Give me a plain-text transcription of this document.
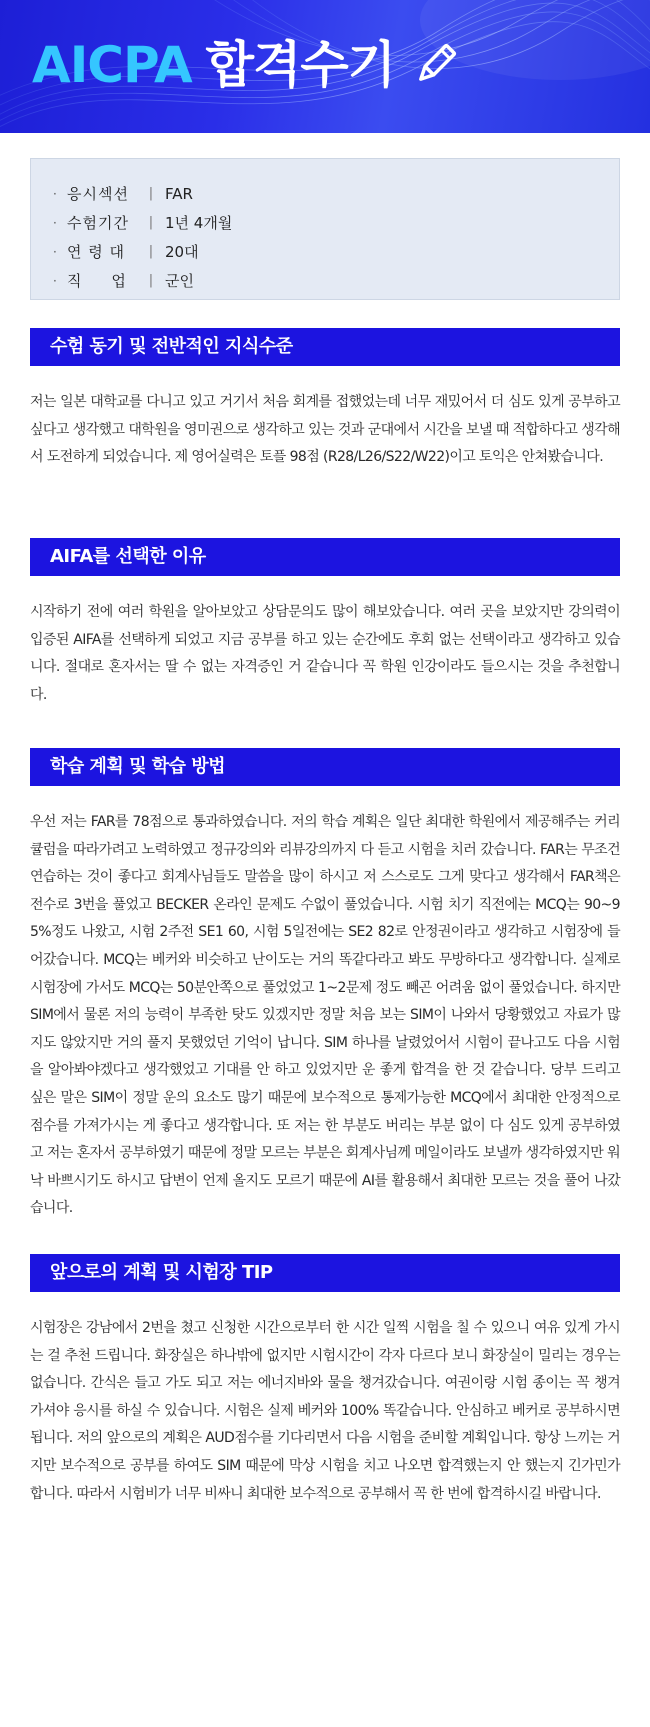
AICPA 합격수기
· 응시섹션	| FAR
· 수험기간	| 1년 4개월
· 연 령 대	| 20대
· 직     업	| 군인
수험 동기 및 전반적인 지식수준
저는 일본 대학교를 다니고 있고 거기서 처음 회계를 접했었는데 너무 재밌어서 더 심도 있게 공부하고 싶다고 생각했고 대학원을 영미권으로 생각하고 있는 것과 군대에서 시간을 보낼 때 적합하다고 생각해서 도전하게 되었습니다. 제 영어실력은 토플 98점 (R28/L26/S22/W22)이고 토익은 안쳐봤습니다.
AIFA를 선택한 이유
시작하기 전에 여러 학원을 알아보았고 상담문의도 많이 해보았습니다. 여러 곳을 보았지만 강의력이 입증된 AIFA를 선택하게 되었고 지금 공부를 하고 있는 순간에도 후회 없는 선택이라고 생각하고 있습니다. 절대로 혼자서는 딸 수 없는 자격증인 거 같습니다 꼭 학원 인강이라도 들으시는 것을 추천합니다.
학습 계획 및 학습 방법
우선 저는 FAR를 78점으로 통과하였습니다. 저의 학습 계획은 일단 최대한 학원에서 제공해주는 커리큘럼을 따라가려고 노력하였고 정규강의와 리뷰강의까지 다 듣고 시험을 치러 갔습니다. FAR는 무조건 연습하는 것이 좋다고 회계사님들도 말씀을 많이 하시고 저 스스로도 그게 맞다고 생각해서 FAR책은 전수로 3번을 풀었고 BECKER 온라인 문제도 수없이 풀었습니다. 시험 치기 직전에는 MCQ는 90~95%정도 나왔고, 시험 2주전 SE1 60, 시험 5일전에는 SE2 82로 안정권이라고 생각하고 시험장에 들어갔습니다. MCQ는 베커와 비슷하고 난이도는 거의 똑같다라고 봐도 무방하다고 생각합니다. 실제로 시험장에 가서도 MCQ는 50분안쪽으로 풀었었고 1~2문제 정도 빼곤 어려움 없이 풀었습니다. 하지만 SIM에서 물론 저의 능력이 부족한 탓도 있겠지만 정말 처음 보는 SIM이 나와서 당황했었고 자료가 많지도 않았지만 거의 풀지 못했었던 기억이 납니다. SIM 하나를 날렸었어서 시험이 끝나고도 다음 시험을 알아봐야겠다고 생각했었고 기대를 안 하고 있었지만 운 좋게 합격을 한 것 같습니다. 당부 드리고 싶은 말은 SIM이 정말 운의 요소도 많기 때문에 보수적으로 통제가능한 MCQ에서 최대한 안정적으로 점수를 가져가시는 게 좋다고 생각합니다. 또 저는 한 부분도 버리는 부분 없이 다 심도 있게 공부하였고 저는 혼자서 공부하였기 때문에 정말 모르는 부분은 회계사님께 메일이라도 보낼까 생각하였지만 워낙 바쁘시기도 하시고 답변이 언제 올지도 모르기 때문에 AI를 활용해서 최대한 모르는 것을 풀어 나갔습니다.
앞으로의 계획 및 시험장 TIP
시험장은 강남에서 2번을 쳤고 신청한 시간으로부터 한 시간 일찍 시험을 칠 수 있으니 여유 있게 가시는 걸 추천 드립니다. 화장실은 하나밖에 없지만 시험시간이 각자 다르다 보니 화장실이 밀리는 경우는 없습니다. 간식은 들고 가도 되고 저는 에너지바와 물을 챙겨갔습니다. 여권이랑 시험 종이는 꼭 챙겨 가셔야 응시를 하실 수 있습니다. 시험은 실제 베커와 100% 똑같습니다. 안심하고 베커로 공부하시면 됩니다. 저의 앞으로의 계획은 AUD점수를 기다리면서 다음 시험을 준비할 계획입니다. 항상 느끼는 거지만 보수적으로 공부를 하여도 SIM 때문에 막상 시험을 치고 나오면 합격했는지 안 했는지 긴가민가합니다. 따라서 시험비가 너무 비싸니 최대한 보수적으로 공부해서 꼭 한 번에 합격하시길 바랍니다.
